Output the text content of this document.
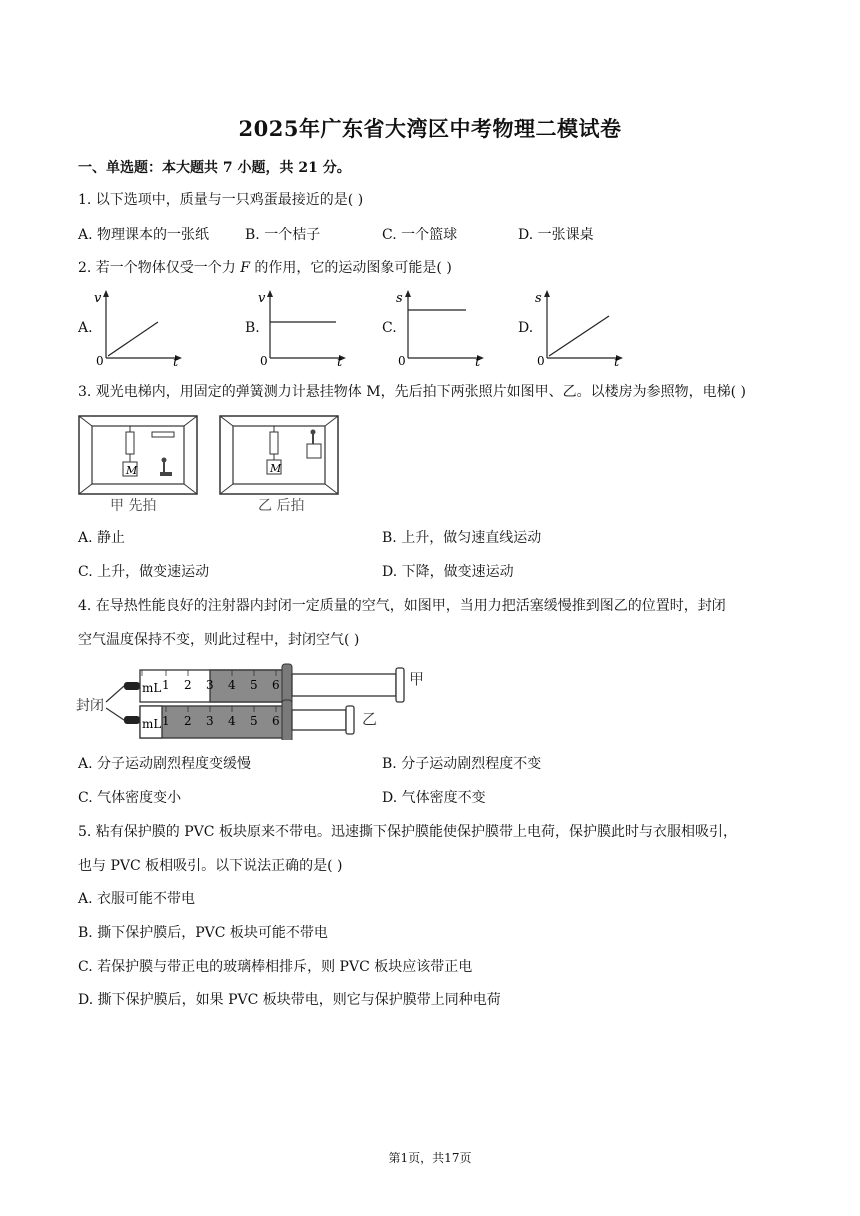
2025年广东省大湾区中考物理二模试卷
一、单选题：本大题共 7 小题，共 21 分。
1. 以下选项中，质量与一只鸡蛋最接近的是( )
A. 物理课本的一张纸	B. 一个桔子	C. 一个篮球	D. 一张课桌
2. 若一个物体仅受一个力 F 的作用，它的运动图象可能是( )
A.	B.	C.	D.
v
0	t
v
0	t
s
0	t
s
0	t
3. 观光电梯内，用固定的弹簧测力计悬挂物体 M，先后拍下两张照片如图甲、乙。以楼房为参照物，电梯( )
M	M
甲 先拍	乙 后拍
A. 静止	B. 上升，做匀速直线运动
C. 上升，做变速运动	D. 下降，做变速运动
4. 在导热性能良好的注射器内封闭一定质量的空气，如图甲，当用力把活塞缓慢推到图乙的位置时，封闭
空气温度保持不变，则此过程中，封闭空气( )
封闭
mL 1 2 3 4 5 6	甲
mL 1 2 3 4 5 6	乙
A. 分子运动剧烈程度变缓慢	B. 分子运动剧烈程度不变
C. 气体密度变小	D. 气体密度不变
5. 粘有保护膜的 PVC 板块原来不带电。迅速撕下保护膜能使保护膜带上电荷，保护膜此时与衣服相吸引，
也与 PVC 板相吸引。以下说法正确的是( )
A. 衣服可能不带电
B. 撕下保护膜后，PVC 板块可能不带电
C. 若保护膜与带正电的玻璃棒相排斥，则 PVC 板块应该带正电
D. 撕下保护膜后，如果 PVC 板块带电，则它与保护膜带上同种电荷
第1页，共17页
